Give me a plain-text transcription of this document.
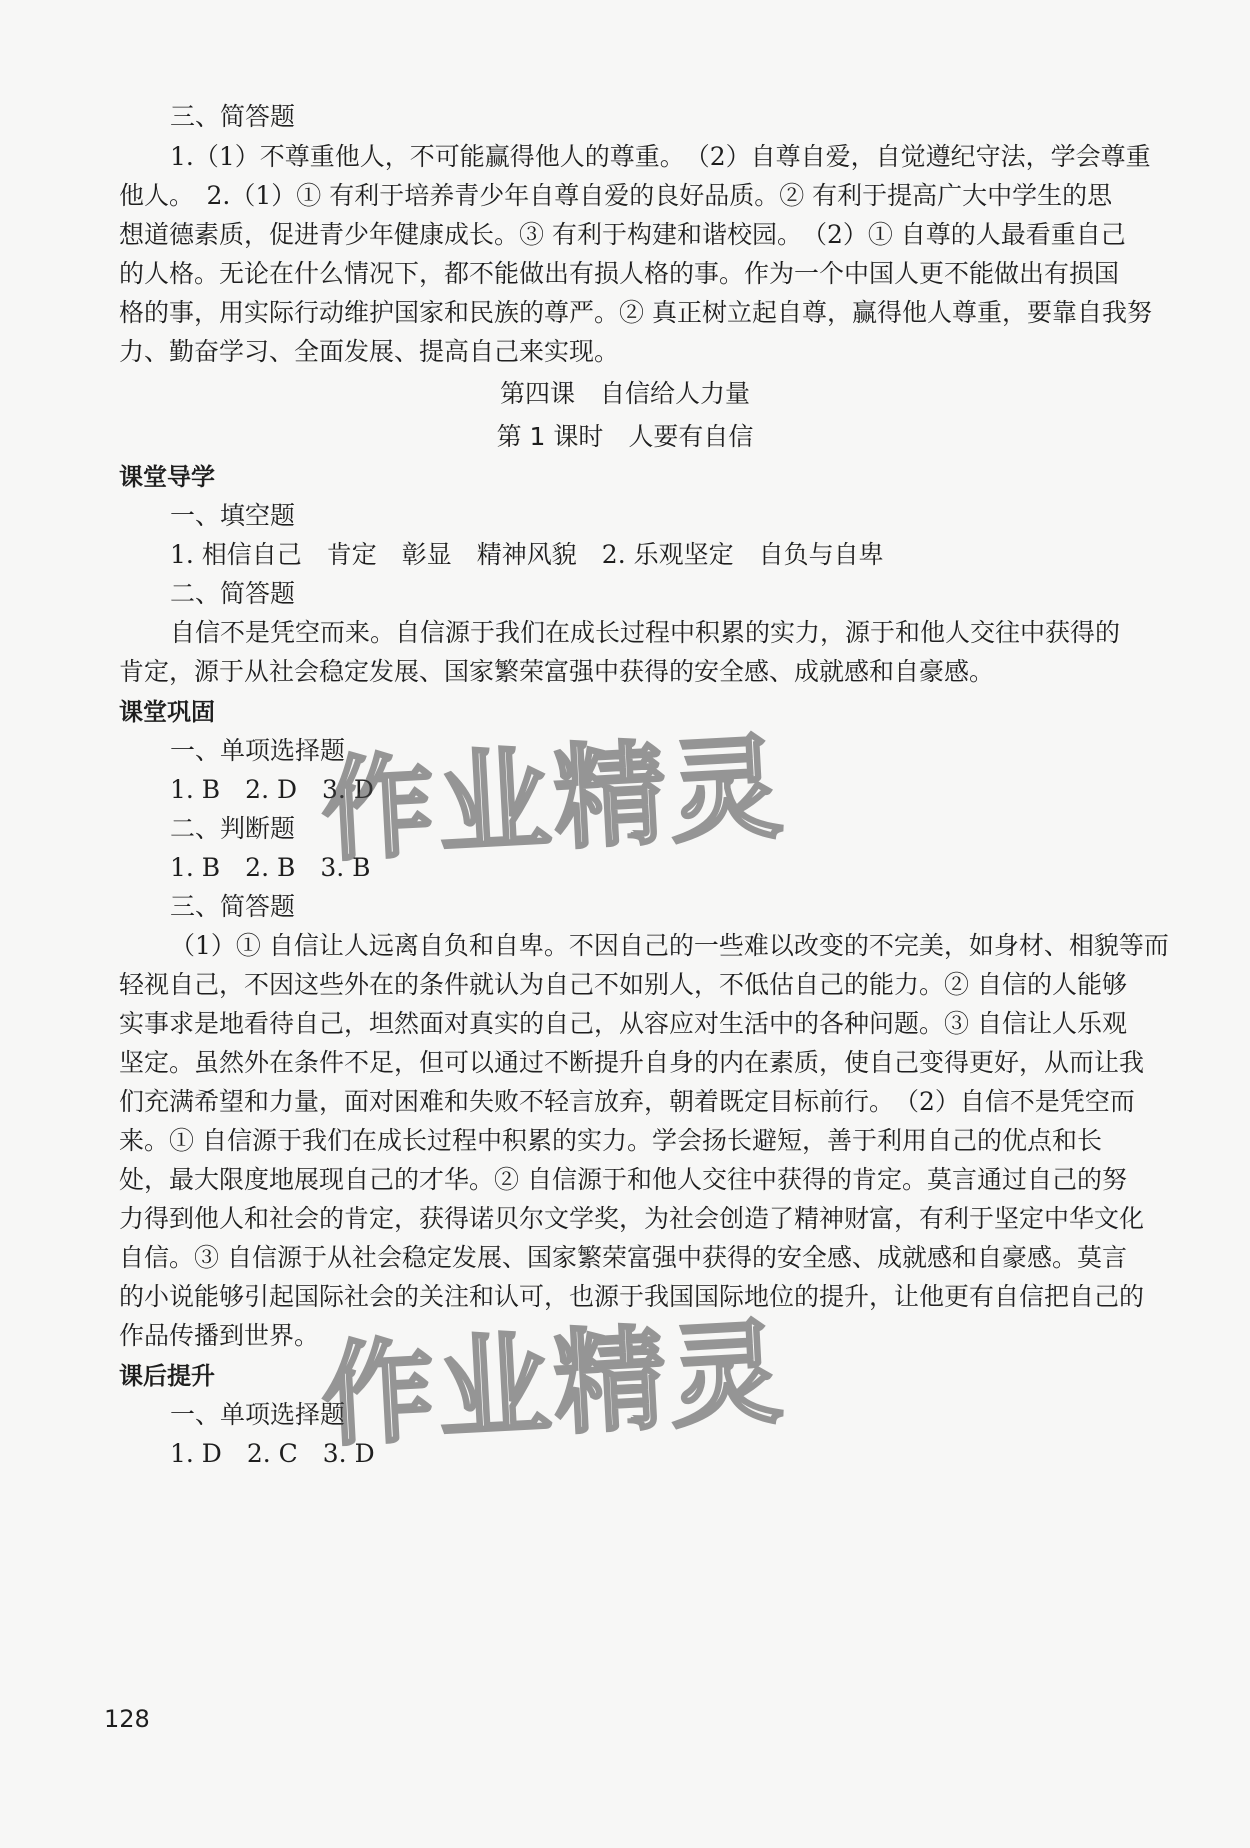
三、简答题
1.（1）不尊重他人，不可能赢得他人的尊重。　（2）自尊自爱，自觉遵纪守法，学会尊重
他人。　2.（1）① 有利于培养青少年自尊自爱的良好品质。② 有利于提高广大中学生的思
想道德素质，促进青少年健康成长。③ 有利于构建和谐校园。　（2）① 自尊的人最看重自己
的人格。无论在什么情况下，都不能做出有损人格的事。作为一个中国人更不能做出有损国
格的事，用实际行动维护国家和民族的尊严。② 真正树立起自尊，赢得他人尊重，要靠自我努
力、勤奋学习、全面发展、提高自己来实现。
第四课　自信给人力量
第 1 课时　人要有自信
课堂导学
一、填空题
1. 相信自己　肯定　彰显　精神风貌　2. 乐观坚定　自负与自卑
二、简答题
自信不是凭空而来。自信源于我们在成长过程中积累的实力，源于和他人交往中获得的
肯定，源于从社会稳定发展、国家繁荣富强中获得的安全感、成就感和自豪感。
课堂巩固
一、单项选择题
1. B　2. D　3. D
二、判断题
1. B　2. B　3. B
三、简答题
（1）① 自信让人远离自负和自卑。不因自己的一些难以改变的不完美，如身材、相貌等而
轻视自己，不因这些外在的条件就认为自己不如别人，不低估自己的能力。② 自信的人能够
实事求是地看待自己，坦然面对真实的自己，从容应对生活中的各种问题。③ 自信让人乐观
坚定。虽然外在条件不足，但可以通过不断提升自身的内在素质，使自己变得更好，从而让我
们充满希望和力量，面对困难和失败不轻言放弃，朝着既定目标前行。　（2）自信不是凭空而
来。① 自信源于我们在成长过程中积累的实力。学会扬长避短，善于利用自己的优点和长
处，最大限度地展现自己的才华。② 自信源于和他人交往中获得的肯定。莫言通过自己的努
力得到他人和社会的肯定，获得诺贝尔文学奖，为社会创造了精神财富，有利于坚定中华文化
自信。③ 自信源于从社会稳定发展、国家繁荣富强中获得的安全感、成就感和自豪感。莫言
的小说能够引起国际社会的关注和认可，也源于我国国际地位的提升，让他更有自信把自己的
作品传播到世界。
课后提升
一、单项选择题
1. D　2. C　3. D
128
作业精灵
作业精灵
